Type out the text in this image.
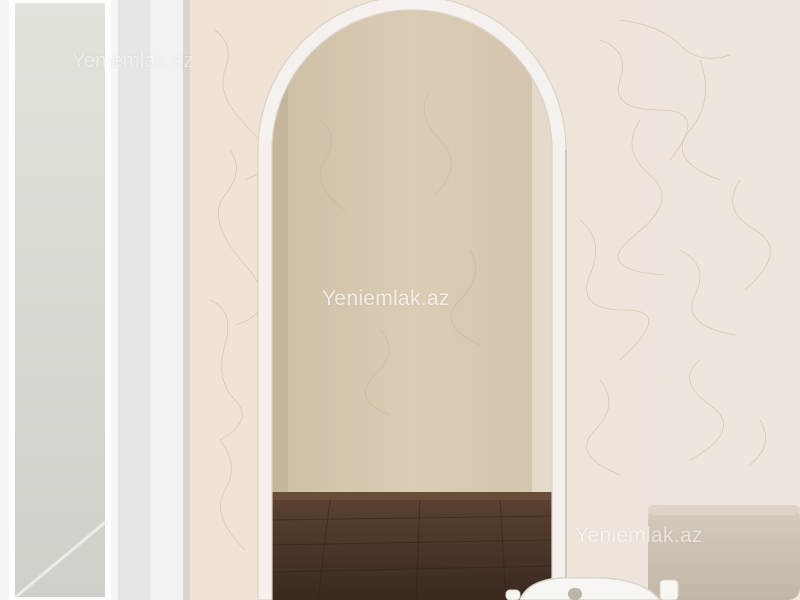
Yeniemlak.az
Yeniemlak.az
Yeniemlak.az
